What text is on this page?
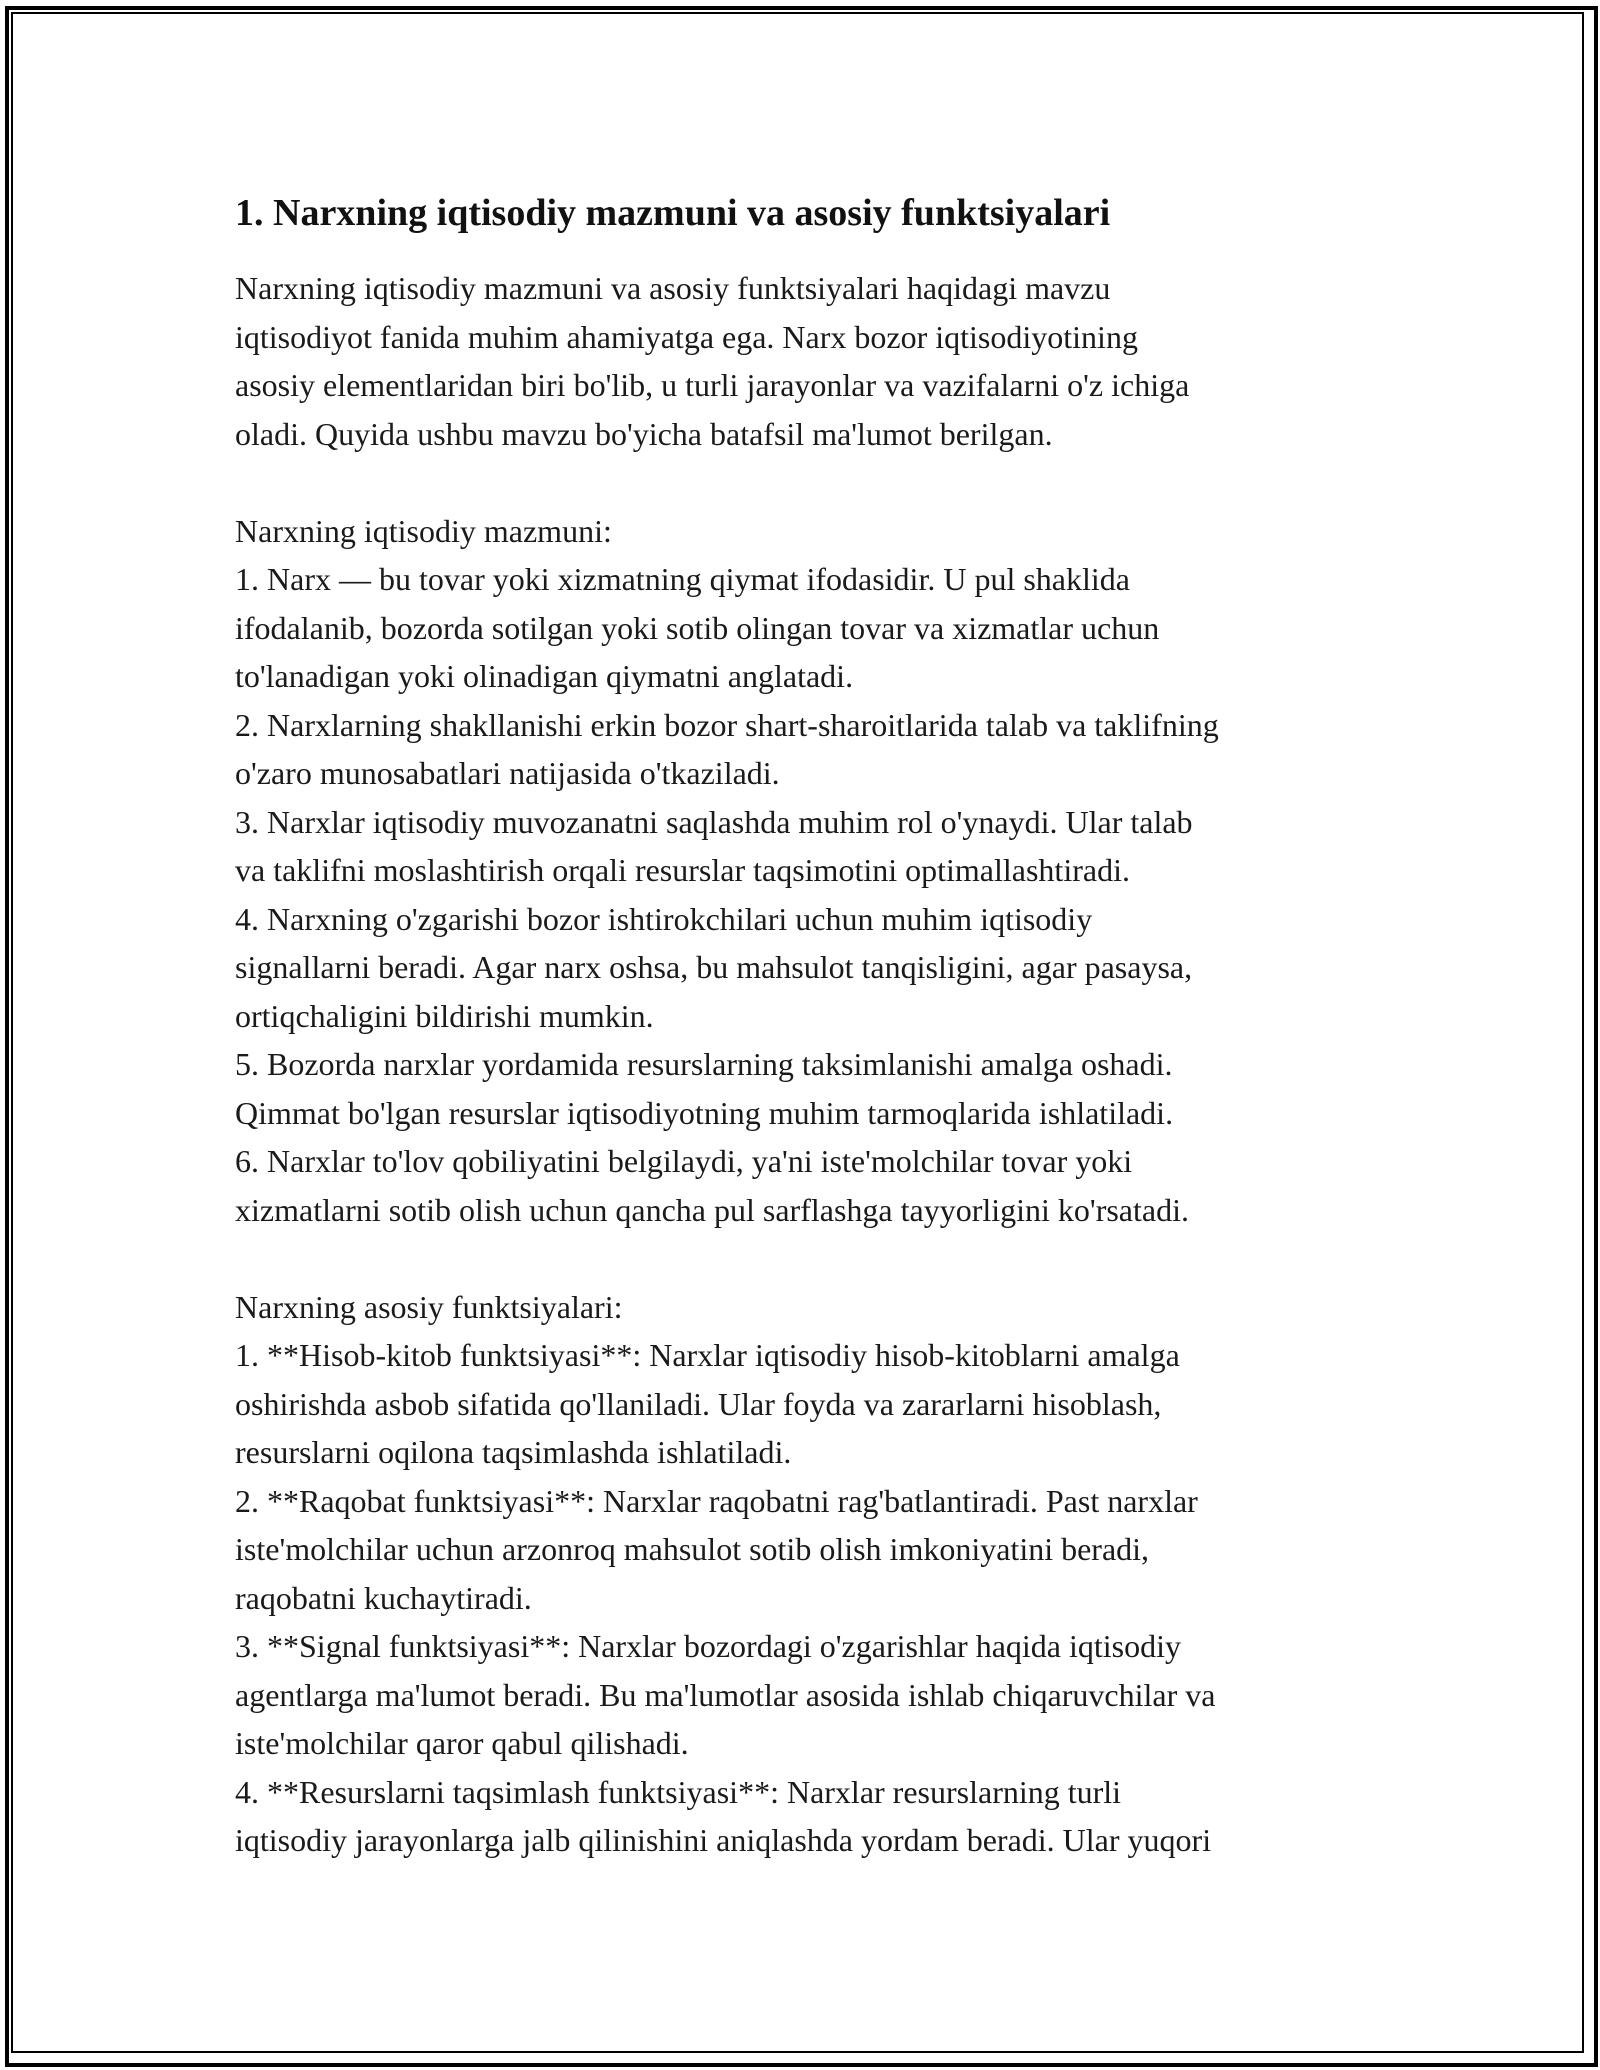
1. Narxning iqtisodiy mazmuni va asosiy funktsiyalari
Narxning iqtisodiy mazmuni va asosiy funktsiyalari haqidagi mavzu
iqtisodiyot fanida muhim ahamiyatga ega. Narx bozor iqtisodiyotining
asosiy elementlaridan biri bo'lib, u turli jarayonlar va vazifalarni o'z ichiga
oladi. Quyida ushbu mavzu bo'yicha batafsil ma'lumot berilgan.
Narxning iqtisodiy mazmuni:
1. Narx — bu tovar yoki xizmatning qiymat ifodasidir. U pul shaklida
ifodalanib, bozorda sotilgan yoki sotib olingan tovar va xizmatlar uchun
to'lanadigan yoki olinadigan qiymatni anglatadi.
2. Narxlarning shakllanishi erkin bozor shart-sharoitlarida talab va taklifning
o'zaro munosabatlari natijasida o'tkaziladi.
3. Narxlar iqtisodiy muvozanatni saqlashda muhim rol o'ynaydi. Ular talab
va taklifni moslashtirish orqali resurslar taqsimotini optimallashtiradi.
4. Narxning o'zgarishi bozor ishtirokchilari uchun muhim iqtisodiy
signallarni beradi. Agar narx oshsa, bu mahsulot tanqisligini, agar pasaysa,
ortiqchaligini bildirishi mumkin.
5. Bozorda narxlar yordamida resurslarning taksimlanishi amalga oshadi.
Qimmat bo'lgan resurslar iqtisodiyotning muhim tarmoqlarida ishlatiladi.
6. Narxlar to'lov qobiliyatini belgilaydi, ya'ni iste'molchilar tovar yoki
xizmatlarni sotib olish uchun qancha pul sarflashga tayyorligini ko'rsatadi.
Narxning asosiy funktsiyalari:
1. **Hisob-kitob funktsiyasi**: Narxlar iqtisodiy hisob-kitoblarni amalga
oshirishda asbob sifatida qo'llaniladi. Ular foyda va zararlarni hisoblash,
resurslarni oqilona taqsimlashda ishlatiladi.
2. **Raqobat funktsiyasi**: Narxlar raqobatni rag'batlantiradi. Past narxlar
iste'molchilar uchun arzonroq mahsulot sotib olish imkoniyatini beradi,
raqobatni kuchaytiradi.
3. **Signal funktsiyasi**: Narxlar bozordagi o'zgarishlar haqida iqtisodiy
agentlarga ma'lumot beradi. Bu ma'lumotlar asosida ishlab chiqaruvchilar va
iste'molchilar qaror qabul qilishadi.
4. **Resurslarni taqsimlash funktsiyasi**: Narxlar resurslarning turli
iqtisodiy jarayonlarga jalb qilinishini aniqlashda yordam beradi. Ular yuqori
